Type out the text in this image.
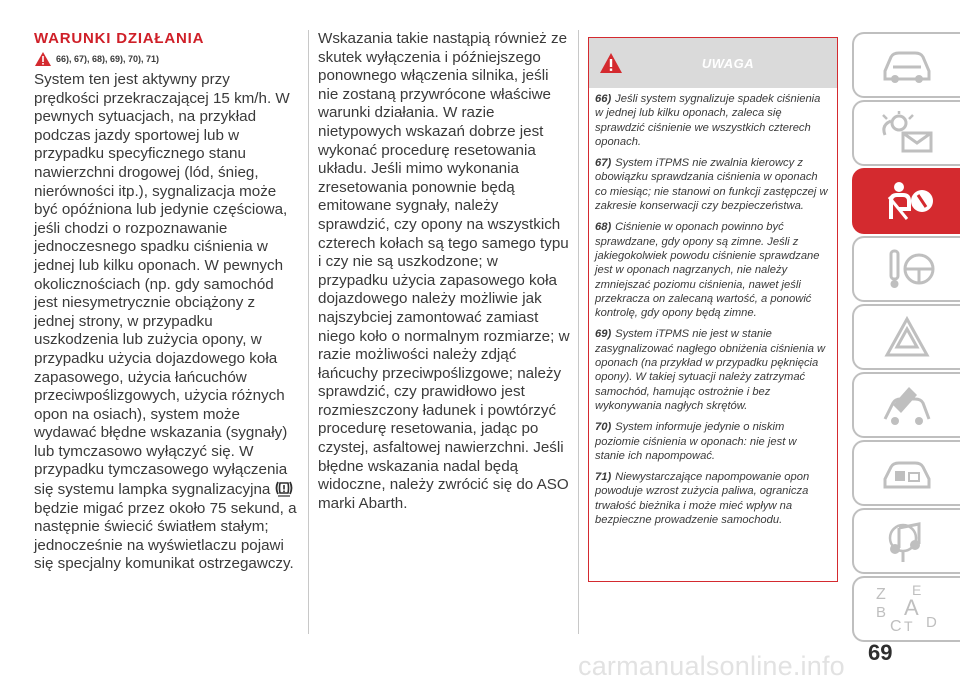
WARUNKI DZIAŁANIA
66), 67), 68), 69), 70), 71)
System ten jest aktywny przy prędkości przekraczającej 15 km/h. W pewnych sytuacjach, na przykład podczas jazdy sportowej lub w przypadku specyficznego stanu nawierzchni drogowej (lód, śnieg, nierówności itp.), sygnalizacja może być opóźniona lub jedynie częściowa, jeśli chodzi o rozpoznawanie jednoczesnego spadku ciśnienia w jednej lub kilku oponach. W pewnych okolicznościach (np. gdy samochód jest niesymetrycznie obciążony z jednej strony, w przypadku uszkodzenia lub zużycia opony, w przypadku użycia dojazdowego koła zapasowego, użycia łańcuchów przeciwpoślizgowych, użycia różnych opon na osiach), system może wydawać błędne wskazania (sygnały) lub tymczasowo wyłączyć się. W przypadku tymczasowego wyłączenia się systemu lampka sygnalizacyjna  będzie migać przez około 75 sekund, a następnie świecić światłem stałym; jednocześnie na wyświetlaczu pojawi się specjalny komunikat ostrzegawczy.
Wskazania takie nastąpią również ze skutek wyłączenia i późniejszego ponownego włączenia silnika, jeśli nie zostaną przywrócone właściwe warunki działania. W razie nietypowych wskazań dobrze jest wykonać procedurę resetowania układu. Jeśli mimo wykonania zresetowania ponownie będą emitowane sygnały, należy sprawdzić, czy opony na wszystkich czterech kołach są tego samego typu i czy nie są uszkodzone; w przypadku użycia zapasowego koła dojazdowego należy możliwie jak najszybciej zamontować zamiast niego koło o normalnym rozmiarze; w razie możliwości należy zdjąć łańcuchy przeciwpoślizgowe; należy sprawdzić, czy prawidłowo jest rozmieszczony ładunek i powtórzyć procedurę resetowania, jadąc po czystej, asfaltowej nawierzchni. Jeśli błędne wskazania nadal będą widoczne, należy zwrócić się do ASO marki Abarth.
UWAGA
66) Jeśli system sygnalizuje spadek ciśnienia w jednej lub kilku oponach, zaleca się sprawdzić ciśnienie we wszystkich czterech oponach.
67) System iTPMS nie zwalnia kierowcy z obowiązku sprawdzania ciśnienia w oponach co miesiąc; nie stanowi on funkcji zastępczej w zakresie konserwacji czy bezpieczeństwa.
68) Ciśnienie w oponach powinno być sprawdzane, gdy opony są zimne. Jeśli z jakiegokolwiek powodu ciśnienie sprawdzane jest w oponach nagrzanych, nie należy zmniejszać poziomu ciśnienia, nawet jeśli przekracza on zalecaną wartość, a ponowić kontrolę, gdy opony będą zimne.
69) System iTPMS nie jest w stanie zasygnalizować nagłego obniżenia ciśnienia w oponach (na przykład w przypadku pęknięcia opony). W takiej sytuacji należy zatrzymać samochód, hamując ostrożnie i bez wykonywania nagłych skrętów.
70) System informuje jedynie o niskim poziomie ciśnienia w oponach: nie jest w stanie ich napompować.
71) Niewystarczające napompowanie opon powoduje wzrost zużycia paliwa, ogranicza trwałość bieżnika i może mieć wpływ na bezpieczne prowadzenie samochodu.
Z E
A
B
C T D
69
carmanualsonline.info
